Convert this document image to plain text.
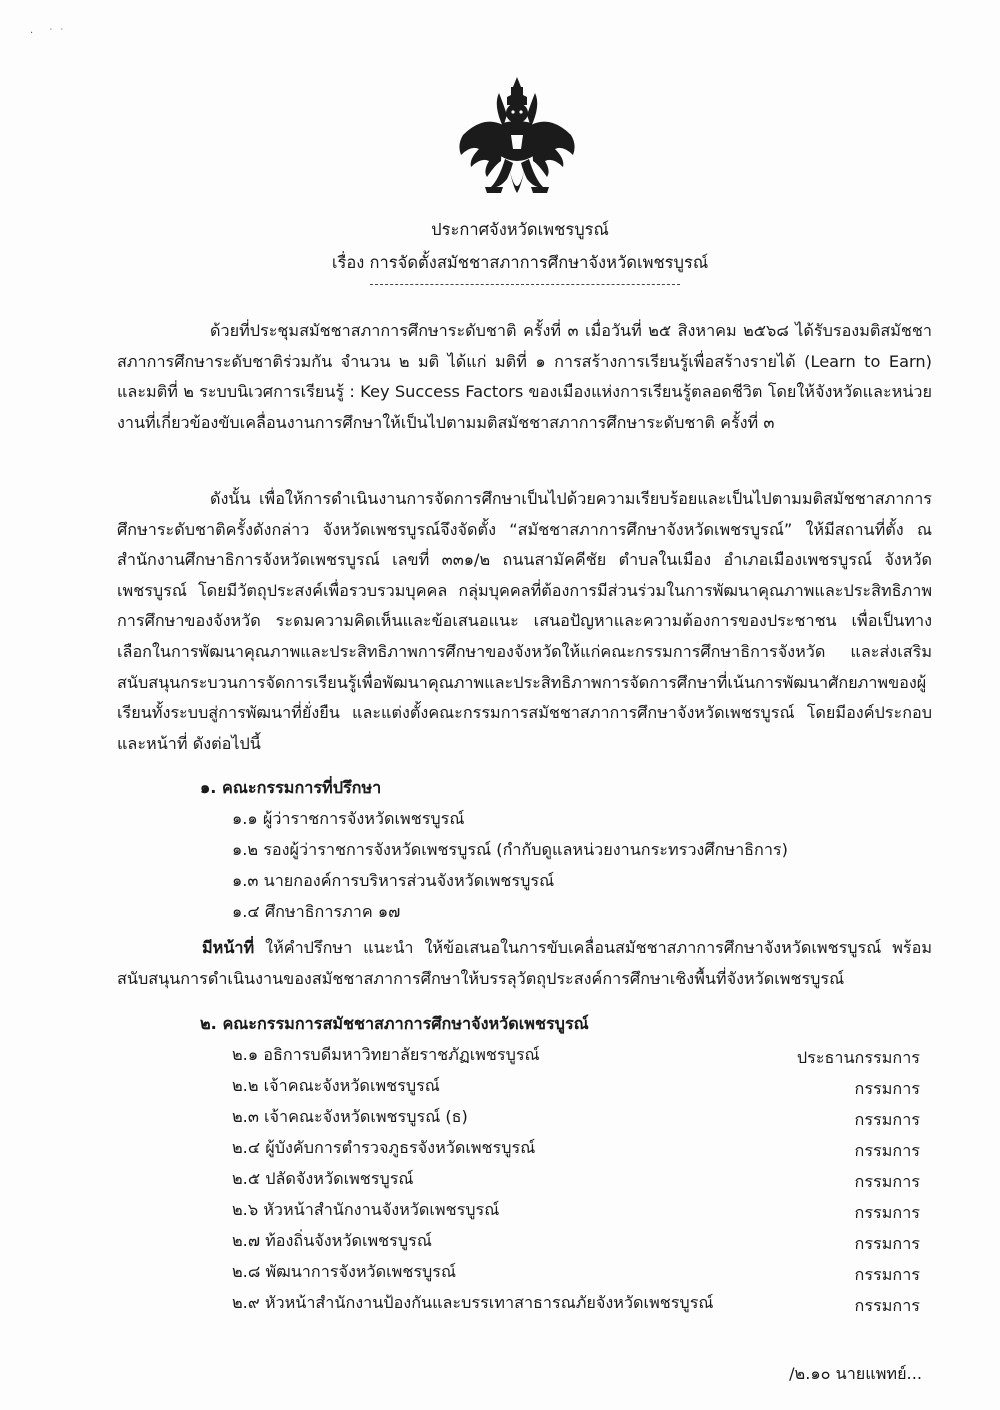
· ˙˙
ประกาศจังหวัดเพชรบูรณ์
เรื่อง การจัดตั้งสมัชชาสภาการศึกษาจังหวัดเพชรบูรณ์

ด้วยที่ประชุมสมัชชาสภาการศึกษาระดับชาติ ครั้งที่ ๓ เมื่อวันที่ ๒๕ สิงหาคม ๒๕๖๘ ได้รับรองมติสมัชชาสภาการศึกษาระดับชาติร่วมกัน จำนวน ๒ มติ ได้แก่ มติที่ ๑ การสร้างการเรียนรู้เพื่อสร้างรายได้ (Learn to Earn) และมติที่ ๒ ระบบนิเวศการเรียนรู้ : Key Success Factors ของเมืองแห่งการเรียนรู้ตลอดชีวิต โดยให้จังหวัดและหน่วยงานที่เกี่ยวข้องขับเคลื่อนงานการศึกษาให้เป็นไปตามมติสมัชชาสภาการศึกษาระดับชาติ ครั้งที่ ๓

ดังนั้น เพื่อให้การดำเนินงานการจัดการศึกษาเป็นไปด้วยความเรียบร้อยและเป็นไปตามมติสมัชชาสภาการศึกษาระดับชาติครั้งดังกล่าว จังหวัดเพชรบูรณ์จึงจัดตั้ง “สมัชชาสภาการศึกษาจังหวัดเพชรบูรณ์” ให้มีสถานที่ตั้ง ณ สำนักงานศึกษาธิการจังหวัดเพชรบูรณ์ เลขที่ ๓๓๑/๒ ถนนสามัคคีชัย ตำบลในเมือง อำเภอเมืองเพชรบูรณ์ จังหวัดเพชรบูรณ์ โดยมีวัตถุประสงค์เพื่อรวบรวมบุคคล กลุ่มบุคคลที่ต้องการมีส่วนร่วมในการพัฒนาคุณภาพและประสิทธิภาพการศึกษาของจังหวัด ระดมความคิดเห็นและข้อเสนอแนะ เสนอปัญหาและความต้องการของประชาชน เพื่อเป็นทางเลือกในการพัฒนาคุณภาพและประสิทธิภาพการศึกษาของจังหวัดให้แก่คณะกรรมการศึกษาธิการจังหวัด และส่งเสริมสนับสนุนกระบวนการจัดการเรียนรู้เพื่อพัฒนาคุณภาพและประสิทธิภาพการจัดการศึกษาที่เน้นการพัฒนาศักยภาพของผู้เรียนทั้งระบบสู่การพัฒนาที่ยั่งยืน และแต่งตั้งคณะกรรมการสมัชชาสภาการศึกษาจังหวัดเพชรบูรณ์ โดยมีองค์ประกอบและหน้าที่ ดังต่อไปนี้

๑. คณะกรรมการที่ปรึกษา
๑.๑ ผู้ว่าราชการจังหวัดเพชรบูรณ์
๑.๒ รองผู้ว่าราชการจังหวัดเพชรบูรณ์ (กำกับดูแลหน่วยงานกระทรวงศึกษาธิการ)
๑.๓ นายกองค์การบริหารส่วนจังหวัดเพชรบูรณ์
๑.๔ ศึกษาธิการภาค ๑๗

มีหน้าที่ ให้คำปรึกษา แนะนำ ให้ข้อเสนอในการขับเคลื่อนสมัชชาสภาการศึกษาจังหวัดเพชรบูรณ์ พร้อมสนับสนุนการดำเนินงานของสมัชชาสภาการศึกษาให้บรรลุวัตถุประสงค์การศึกษาเชิงพื้นที่จังหวัดเพชรบูรณ์

๒. คณะกรรมการสมัชชาสภาการศึกษาจังหวัดเพชรบูรณ์
๒.๑ อธิการบดีมหาวิทยาลัยราชภัฏเพชรบูรณ์	ประธานกรรมการ
๒.๒ เจ้าคณะจังหวัดเพชรบูรณ์	กรรมการ
๒.๓ เจ้าคณะจังหวัดเพชรบูรณ์ (ธ)	กรรมการ
๒.๔ ผู้บังคับการตำรวจภูธรจังหวัดเพชรบูรณ์	กรรมการ
๒.๕ ปลัดจังหวัดเพชรบูรณ์	กรรมการ
๒.๖ หัวหน้าสำนักงานจังหวัดเพชรบูรณ์	กรรมการ
๒.๗ ท้องถิ่นจังหวัดเพชรบูรณ์	กรรมการ
๒.๘ พัฒนาการจังหวัดเพชรบูรณ์	กรรมการ
๒.๙ หัวหน้าสำนักงานป้องกันและบรรเทาสาธารณภัยจังหวัดเพชรบูรณ์	กรรมการ
/๒.๑๐ นายแพทย์...
